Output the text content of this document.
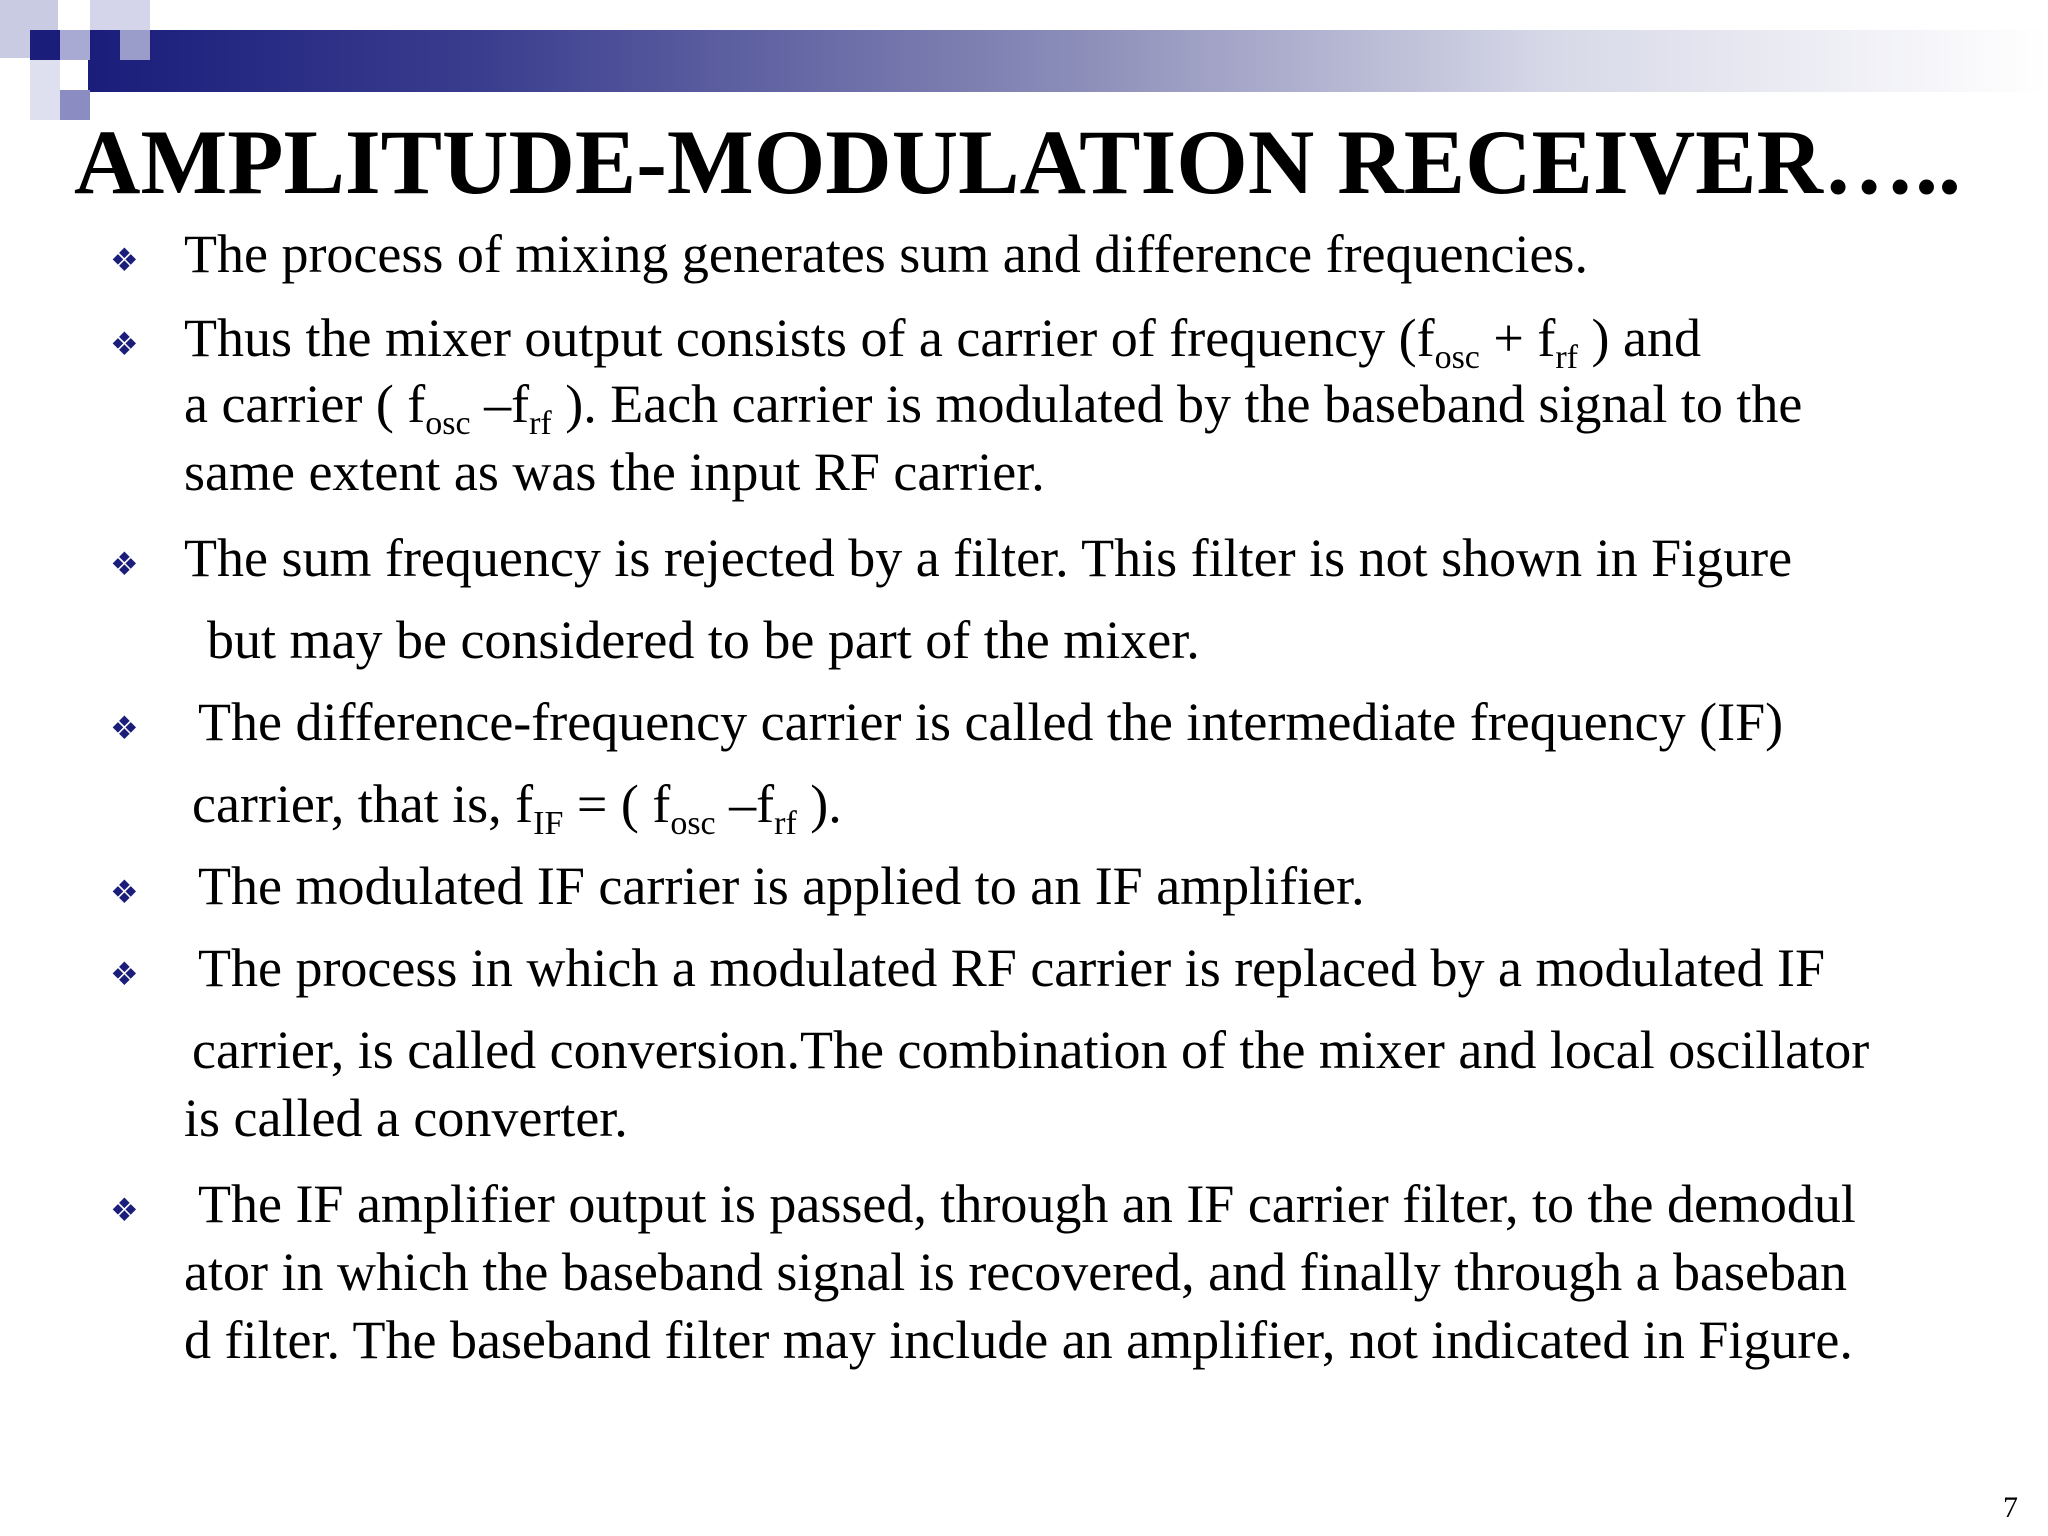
AMPLITUDE-MODULATION RECEIVER…..
❖ The process of mixing generates sum and difference frequencies.
❖ Thus the mixer output consists of a carrier of frequency ($f_{osc} + f_{rf}$ ) and
a carrier ( $f_{osc}$ $-f_{rf}$ ). Each carrier is modulated by the baseband signal to the
same extent as was the input RF carrier.
❖ The sum frequency is rejected by a filter. This filter is not shown in Figure
but may be considered to be part of the mixer.
❖ The difference-frequency carrier is called the intermediate frequency (IF)
carrier, that is, $f_{IF}$ = ( $f_{osc}$ $-f_{rf}$ ).
❖ The modulated IF carrier is applied to an IF amplifier.
❖ The process in which a modulated RF carrier is replaced by a modulated IF
carrier, is called conversion.The combination of the mixer and local oscillator
is called a converter.
❖ The IF amplifier output is passed, through an IF carrier filter, to the demodul
ator in which the baseband signal is recovered, and finally through a baseban
d filter. The baseband filter may include an amplifier, not indicated in Figure.
7
